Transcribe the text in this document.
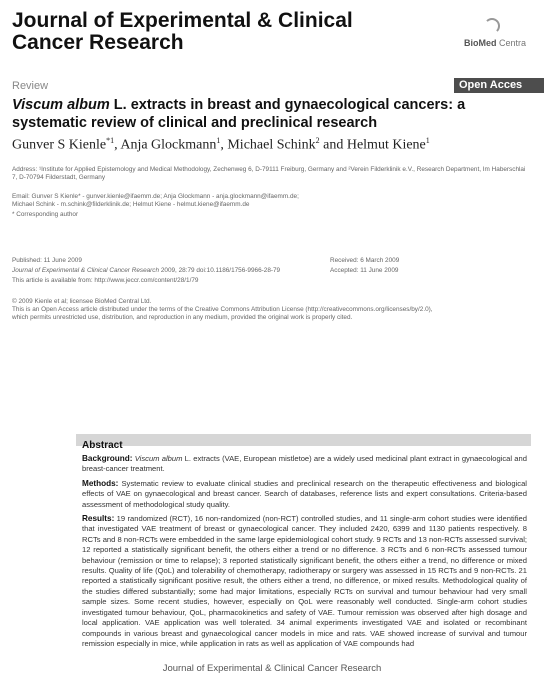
Journal of Experimental & Clinical
Cancer Research	BioMed Centra
Review	Open Acces
Viscum album L. extracts in breast and gynaecological cancers: a systematic review of clinical and preclinical research
Gunver S Kienle$^{*1}$, Anja Glockmann$^1$, Michael Schink$^2$ and Helmut Kiene$^1$
Address: ¹Institute for Applied Epistemology and Medical Methodology, Zechenweg 6, D-79111 Freiburg, Germany and ²Verein Filderklinik e.V., Research Department, Im Haberschlai 7, D-70794 Filderstadt, Germany
Email: Gunver S Kienle* - gunver.kienle@ifaemm.de; Anja Glockmann - anja.glockmann@ifaemm.de;
Michael Schink - m.schink@filderklinik.de; Helmut Kiene - helmut.kiene@ifaemm.de
* Corresponding author
Published: 11 June 2009
Journal of Experimental & Clinical Cancer Research 2009, 28:79 doi:10.1186/1756-9966-28-79
This article is available from: http://www.jeccr.com/content/28/1/79
Received: 6 March 2009
Accepted: 11 June 2009
© 2009 Kienle et al; licensee BioMed Central Ltd.
This is an Open Access article distributed under the terms of the Creative Commons Attribution License (http://creativecommons.org/licenses/by/2.0),
which permits unrestricted use, distribution, and reproduction in any medium, provided the original work is properly cited.
Abstract

Background: Viscum album L. extracts (VAE, European mistletoe) are a widely used medicinal plant extract in gynaecological and breast-cancer treatment.

Methods: Systematic review to evaluate clinical studies and preclinical research on the therapeutic effectiveness and biological effects of VAE on gynaecological and breast cancer. Search of databases, reference lists and expert consultations. Criteria-based assessment of methodological study quality.

Results: 19 randomized (RCT), 16 non-randomized (non-RCT) controlled studies, and 11 single-arm cohort studies were identified that investigated VAE treatment of breast or gynaecological cancer. They included 2420, 6399 and 1130 patients respectively. 8 RCTs and 8 non-RCTs were embedded in the same large epidemiological cohort study. 9 RCTs and 13 non-RCTs assessed survival; 12 reported a statistically significant benefit, the others either a trend or no difference. 3 RCTs and 6 non-RCTs assessed tumour behaviour (remission or time to relapse); 3 reported statistically significant benefit, the others either a trend, no difference or mixed results. Quality of life (QoL) and tolerability of chemotherapy, radiotherapy or surgery was assessed in 15 RCTs and 9 non-RCTs. 21 reported a statistically significant positive result, the others either a trend, no difference, or mixed results. Methodological quality of the studies differed substantially; some had major limitations, especially RCTs on survival and tumour behaviour had very small sample sizes. Some recent studies, however, especially on QoL were reasonably well conducted. Single-arm cohort studies investigated tumour behaviour, QoL, pharmacokinetics and safety of VAE. Tumour remission was observed after high dosage and local application. VAE application was well tolerated. 34 animal experiments investigated VAE and isolated or recombinant compounds in various breast and gynaecological cancer models in mice and rats. VAE showed increase of survival and tumour remission especially in mice, while application in rats as well as application of VAE compounds had

Journal of Experimental & Clinical Cancer Research
